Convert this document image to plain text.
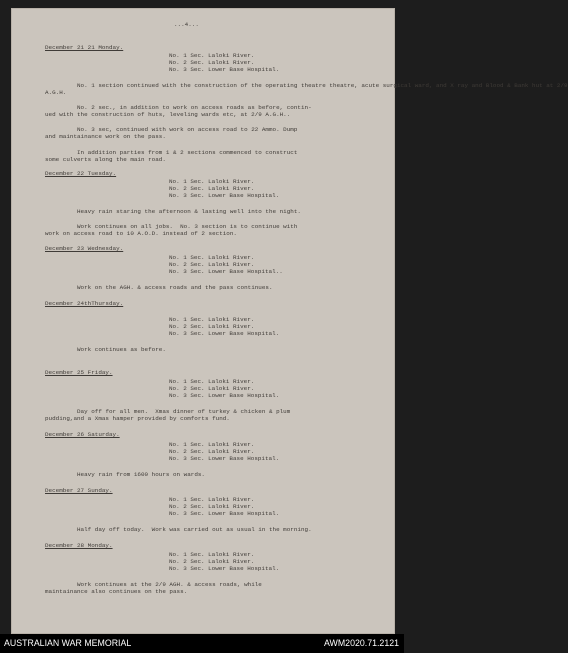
...4...
December 21 21 Monday.
No. 1 Sec. Laloki River.
No. 2 Sec. Laloki River.
No. 3 Sec. Lower Base Hospital.
No. 1 section continued with the construction of the operating theatre theatre, acute surgical ward, and X ray and Blood & Bank hut at 2/9
A.G.H.
No. 2 sec., in addition to work on access roads as before, contin-
ued with the construction of huts, leveling wards etc, at 2/9 A.G.H..
No. 3 sec, continued with work on access road to 22 Ammo. Dump
and maintainance work on the pass.
In addition parties from 1 & 2 sections commenced to construct
some culverts along the main road.
December 22 Tuesday.
No. 1 Sec. Laloki River.
No. 2 Sec. Laloki River.
No. 3 Sec. Lower Base Hospital.
Heavy rain staring the afternoon & lasting well into the night.
Work continues on all jobs.  No. 3 section is to continue with
work on access road to 10 A.O.D. instead of 2 section.
December 23 Wednesday.
No. 1 Sec. Laloki River.
No. 2 Sec. Laloki River.
No. 3 Sec. Lower Base Hospital..
Work on the AGH. & access roads and the pass continues.
December 24thThursday.
No. 1 Sec. Laloki River.
No. 2 Sec. Laloki River.
No. 3 Sec. Lower Base Hospital.
Work continues as before.
December 25 Friday.
No. 1 Sec. Laloki River.
No. 2 Sec. Laloki River.
No. 3 Sec. Lower Base Hospital.
Day off for all men.  Xmas dinner of turkey & chicken & plum
pudding,and a Xmas hamper provided by comforts fund.
December 26 Saturday.
No. 1 Sec. Laloki River.
No. 2 Sec. Laloki River.
No. 3 Sec. Lower Base Hospital.
Heavy rain from 1600 hours on wards.
December 27 Sunday.
No. 1 Sec. Laloki River.
No. 2 Sec. Laloki River.
No. 3 Sec. Lower Base Hospital.
Half day off today.  Work was carried out as usual in the morning.
December 28 Monday.
No. 1 Sec. Laloki River.
No. 2 Sec. Laloki River.
No. 3 Sec. Lower Base Hospital.
Work continues at the 2/9 AGH. & access roads, while
maintainance also continues on the pass.
AUSTRALIAN WAR MEMORIAL	AWM2020.71.2121
